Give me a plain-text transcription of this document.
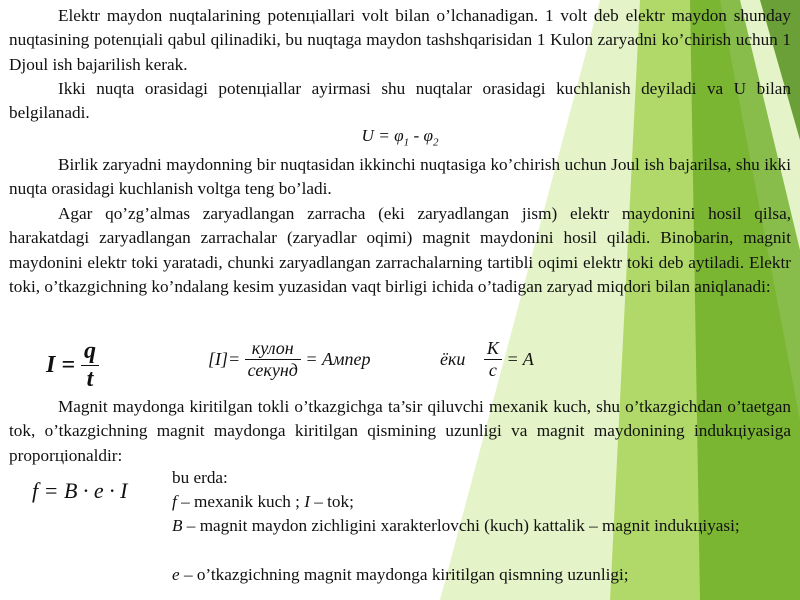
Elektr maydon nuqtalarining potenцiallari volt bilan o’lchanadigan. 1 volt deb elektr maydon shunday nuqtasining potenцiali qabul qilinadiki, bu nuqtaga maydon tashshqarisidan 1 Kulon zaryadni ko’chirish uchun 1 Djoul ish bajarilish kerak.

Ikki nuqta orasidagi potenцiallar ayirmasi shu nuqtalar orasidagi kuchlanish deyiladi va U bilan belgilanadi.

$U = \varphi_1 - \varphi_2$

Birlik zaryadni maydonning bir nuqtasidan ikkinchi nuqtasiga ko’chirish uchun Joul ish bajarilsa, shu ikki nuqta orasidagi kuchlanish voltga teng bo’ladi.

Agar qo’zg’almas zaryadlangan zarracha (eki zaryadlangan jism) elektr maydonini hosil qilsa, harakatdagi zaryadlangan zarrachalar (zaryadlar oqimi) magnit maydonini hosil qiladi. Binobarin, magnit maydonini elektr toki yaratadi, chunki zaryadlangan zarrachalarning tartibli oqimi elektr toki deb aytiladi. Elektr toki, o’tkazgichning ko’ndalang kesim yuzasidan vaqt birligi ichida o’tadigan zaryad miqdori bilan aniqlanadi:

$I = \frac{q}{t}$	$[I]= \frac{\text{кулон}}{\text{секунд}}$ = Ампер	ёки $\frac{K}{c} = A$

Magnit maydonga kiritilgan tokli o’tkazgichga ta’sir qiluvchi mexanik kuch, shu o’tkazgichdan o’taetgan tok, o’tkazgichning magnit maydonga kiritilgan qismining uzunligi va magnit maydonining indukцiyasiga proporцionaldir:

f = B · e · I

bu erda:

f – mexanik kuch ; I – tok;

B – magnit maydon zichligini xarakterlovchi (kuch) kattalik – magnit indukцiyasi;

e – o’tkazgichning magnit maydonga kiritilgan qismning uzunligi;
